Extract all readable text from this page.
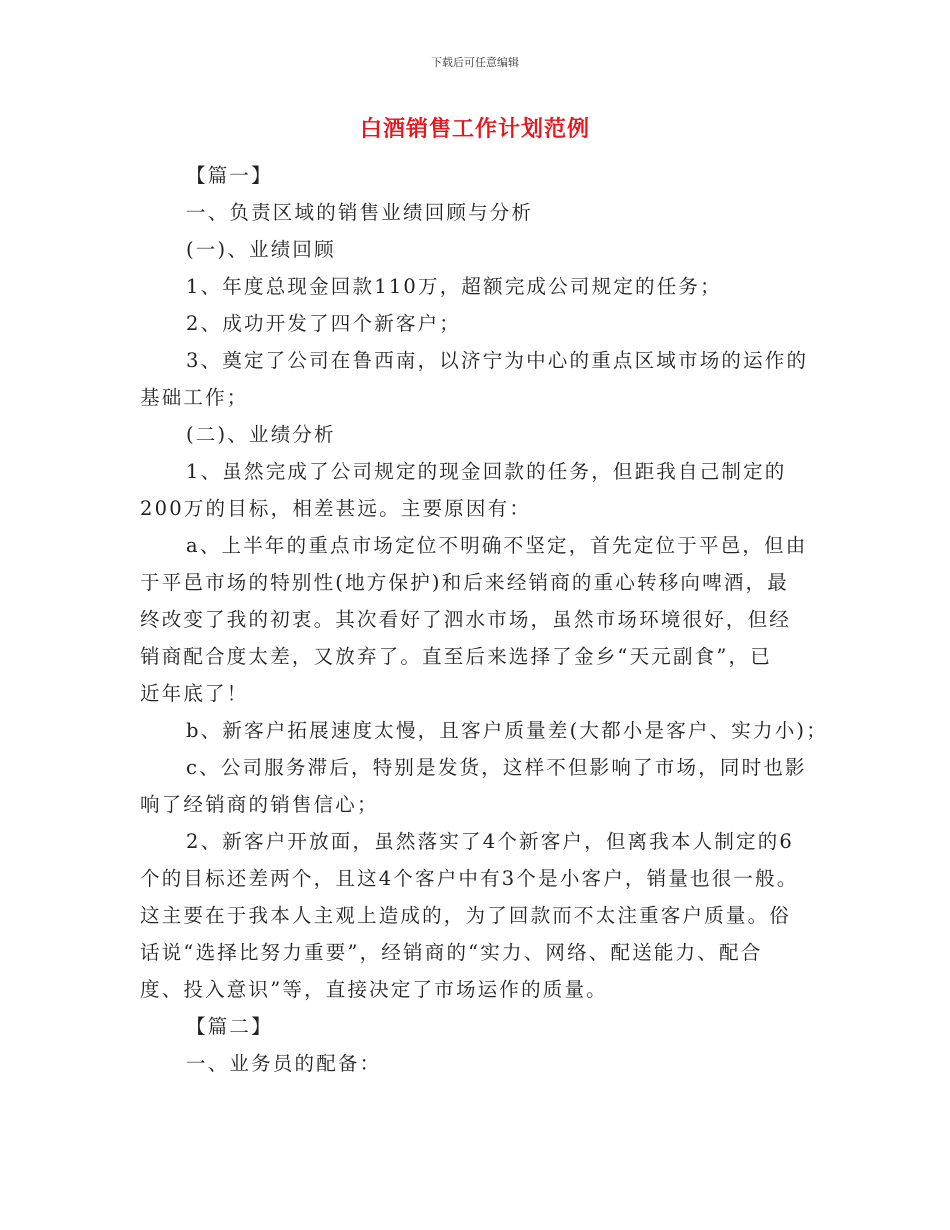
下载后可任意编辑
白酒销售工作计划范例
【篇一】
一、负责区域的销售业绩回顾与分析
(一)、业绩回顾
1、年度总现金回款110万，超额完成公司规定的任务；
2、成功开发了四个新客户；
3、奠定了公司在鲁西南，以济宁为中心的重点区域市场的运作的
基础工作；
(二)、业绩分析
1、虽然完成了公司规定的现金回款的任务，但距我自己制定的
200万的目标，相差甚远。主要原因有：
a、上半年的重点市场定位不明确不坚定，首先定位于平邑，但由
于平邑市场的特别性(地方保护)和后来经销商的重心转移向啤酒，最
终改变了我的初衷。其次看好了泗水市场，虽然市场环境很好，但经
销商配合度太差，又放弃了。直至后来选择了金乡“天元副食”，已
近年底了！
b、新客户拓展速度太慢，且客户质量差(大都小是客户、实力小)；
c、公司服务滞后，特别是发货，这样不但影响了市场，同时也影
响了经销商的销售信心；
2、新客户开放面，虽然落实了4个新客户，但离我本人制定的6
个的目标还差两个，且这4个客户中有3个是小客户，销量也很一般。
这主要在于我本人主观上造成的，为了回款而不太注重客户质量。俗
话说“选择比努力重要”，经销商的“实力、网络、配送能力、配合
度、投入意识”等，直接决定了市场运作的质量。
【篇二】
一、业务员的配备：
